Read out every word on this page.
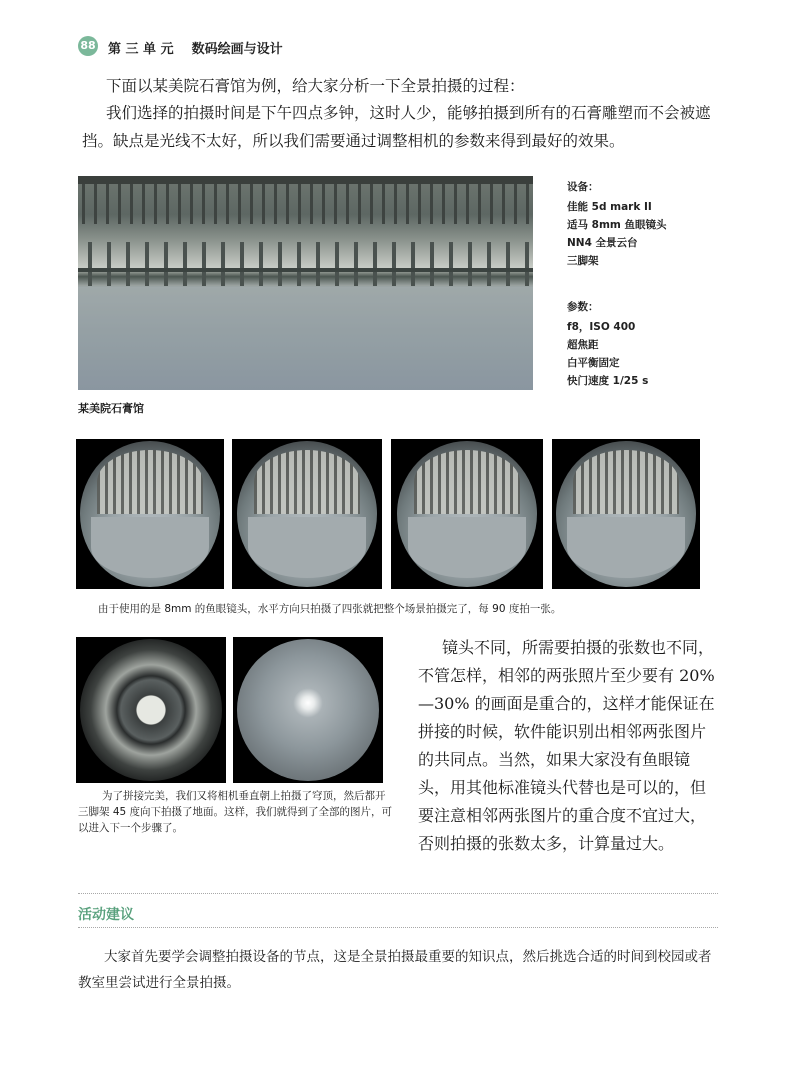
88 第 三 单 元    数码绘画与设计
下面以某美院石膏馆为例，给大家分析一下全景拍摄的过程：
我们选择的拍摄时间是下午四点多钟，这时人少，能够拍摄到所有的石膏雕塑而不会被遮挡。缺点是光线不太好，所以我们需要通过调整相机的参数来得到最好的效果。
某美院石膏馆
设备：
佳能 5d mark II
适马 8mm 鱼眼镜头
NN4 全景云台
三脚架
参数：
f8，ISO 400
超焦距
白平衡固定
快门速度 1/25 s
由于使用的是 8mm 的鱼眼镜头，水平方向只拍摄了四张就把整个场景拍摄完了，每 90 度拍一张。
为了拼接完美，我们又将相机垂直朝上拍摄了穹顶，然后都开三脚架 45 度向下拍摄了地面。这样，我们就得到了全部的图片，可以进入下一个步骤了。
镜头不同，所需要拍摄的张数也不同，不管怎样，相邻的两张照片至少要有 20%—30% 的画面是重合的，这样才能保证在拼接的时候，软件能识别出相邻两张图片的共同点。当然，如果大家没有鱼眼镜头，用其他标准镜头代替也是可以的，但要注意相邻两张图片的重合度不宜过大，否则拍摄的张数太多，计算量过大。
活动建议
大家首先要学会调整拍摄设备的节点，这是全景拍摄最重要的知识点，然后挑选合适的时间到校园或者教室里尝试进行全景拍摄。
